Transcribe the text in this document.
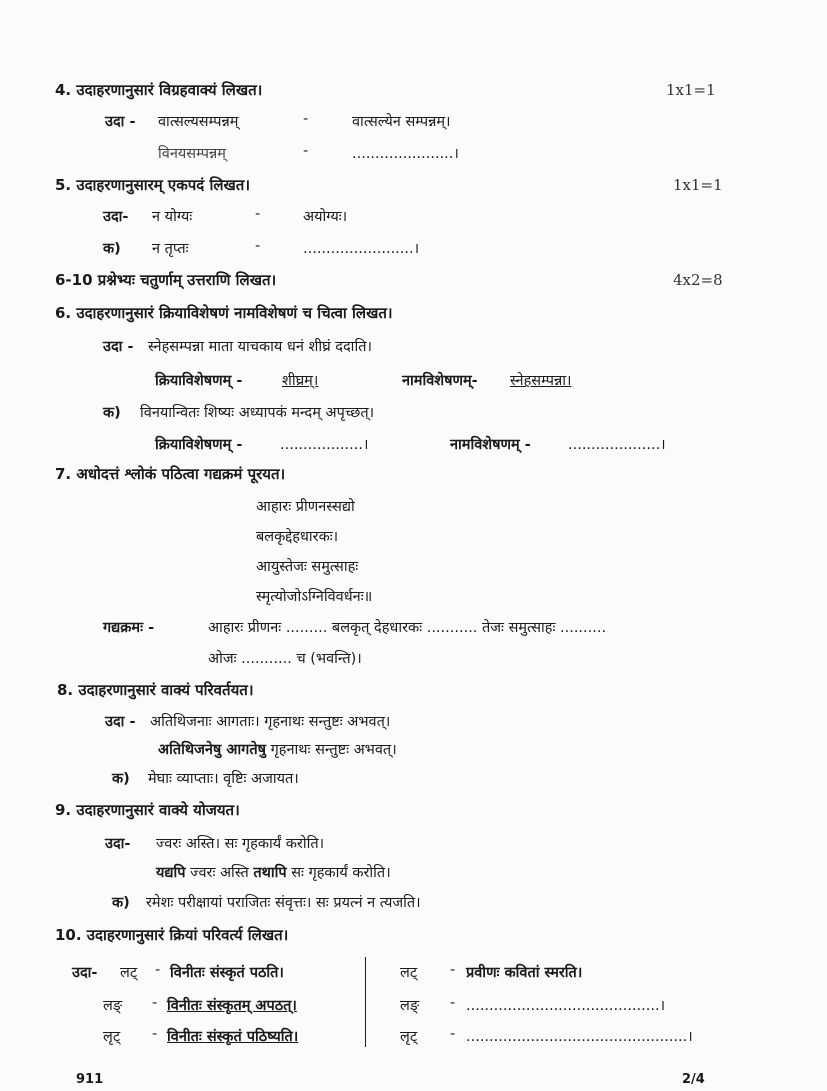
4. उदाहरणानुसारं विग्रहवाक्यं लिखत।	1x1=1
उदा - वात्सल्यसम्पन्नम्	-	वात्सल्येन सम्पन्नम्।
विनयसम्पन्नम्	-	......................।
5. उदाहरणानुसारम् एकपदं लिखत।	1x1=1
उदा- न योग्यः	-	अयोग्यः।
क) न तृप्तः	-	........................।
6-10 प्रश्नेभ्यः चतुर्णाम् उत्तराणि लिखत।	4x2=8
6. उदाहरणानुसारं क्रियाविशेषणं नामविशेषणं च चित्वा लिखत।
उदा - स्नेहसम्पन्ना माता याचकाय धनं शीघ्रं ददाति।
क्रियाविशेषणम् -	शीघ्रम्।	नामविशेषणम्- स्नेहसम्पन्ना।
क) विनयान्वितः शिष्यः अध्यापकं मन्दम् अपृच्छत्।
क्रियाविशेषणम् -	..................।	नामविशेषणम् -	....................।
7. अधोदत्तं श्लोकं पठित्वा गद्यक्रमं पूरयत।
आहारः प्रीणनस्सद्यो
बलकृद्देहधारकः।
आयुस्तेजः समुत्साहः
स्मृत्योजोऽग्निविवर्धनः॥
गद्यक्रमः -	आहारः प्रीणनः ......... बलकृत् देहधारकः ........... तेजः समुत्साहः ..........
ओजः ........... च (भवन्ति)।
8. उदाहरणानुसारं वाक्यं परिवर्तयत।
उदा - अतिथिजनाः आगताः। गृहनाथः सन्तुष्टः अभवत्।
अतिथिजनेषु आगतेषु गृहनाथः सन्तुष्टः अभवत्।
क) मेघाः व्याप्ताः। वृष्टिः अजायत।
9. उदाहरणानुसारं वाक्ये योजयत।
उदा- ज्वरः अस्ति। सः गृहकार्यं करोति।
यद्यपि ज्वरः अस्ति तथापि सः गृहकार्यं करोति।
क) रमेशः परीक्षायां पराजितः संवृत्तः। सः प्रयत्नं न त्यजति।
10. उदाहरणानुसारं क्रियां परिवर्त्य लिखत।
उदा- लट् - विनीतः संस्कृतं पठति।	लट् - प्रवीणः कवितां स्मरति।
लङ् - विनीतः संस्कृतम् अपठत्।	लङ् - ..........................................।
लृट् - विनीतः संस्कृतं पठिष्यति।	लृट् - ................................................।
911	2/4
